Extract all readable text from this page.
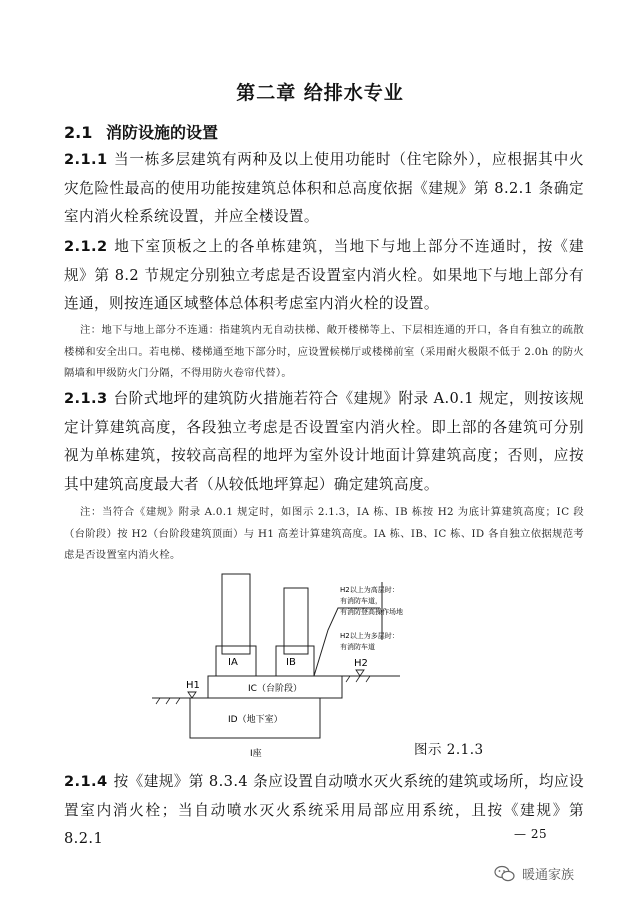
第二章 给排水专业

2.1 消防设施的设置

2.1.1 当一栋多层建筑有两种及以上使用功能时（住宅除外），应根据其中火灾危险性最高的使用功能按建筑总体积和总高度依据《建规》第 8.2.1 条确定室内消火栓系统设置，并应全楼设置。

2.1.2 地下室顶板之上的各单栋建筑，当地下与地上部分不连通时，按《建规》第 8.2 节规定分别独立考虑是否设置室内消火栓。如果地下与地上部分有连通，则按连通区域整体总体积考虑室内消火栓的设置。

注：地下与地上部分不连通：指建筑内无自动扶梯、敞开楼梯等上、下层相连通的开口，各自有独立的疏散楼梯和安全出口。若电梯、楼梯通至地下部分时，应设置候梯厅或楼梯前室（采用耐火极限不低于 2.0h 的防火隔墙和甲级防火门分隔，不得用防火卷帘代替）。

2.1.3 台阶式地坪的建筑防火措施若符合《建规》附录 A.0.1 规定，则按该规定计算建筑高度，各段独立考虑是否设置室内消火栓。即上部的各建筑可分别视为单栋建筑，按较高高程的地坪为室外设计地面计算建筑高度；否则，应按其中建筑高度最大者（从较低地坪算起）确定建筑高度。

注：当符合《建规》附录 A.0.1 规定时，如图示 2.1.3，ⅠA 栋、ⅠB 栋按 H2 为底计算建筑高度；ⅠC 段（台阶段）按 H2（台阶段建筑顶面）与 H1 高差计算建筑高度。ⅠA 栋、ⅠB、ⅠC 栋、ⅠD 各自独立依据规范考虑是否设置室内消火栓。

H1
H2
ⅠA	ⅠB
ⅠC（台阶段）
ⅠD（地下室）
Ⅰ座
H2以上为高层时：
有消防车道，
有消防登高操作场地
H2以上为多层时：
有消防车道

图示 2.1.3

2.1.4 按《建规》第 8.3.4 条应设置自动喷水灭火系统的建筑或场所，均应设置室内消火栓；当自动喷水灭火系统采用局部应用系统，且按《建规》第 8.2.1	— 25

暖通家族
